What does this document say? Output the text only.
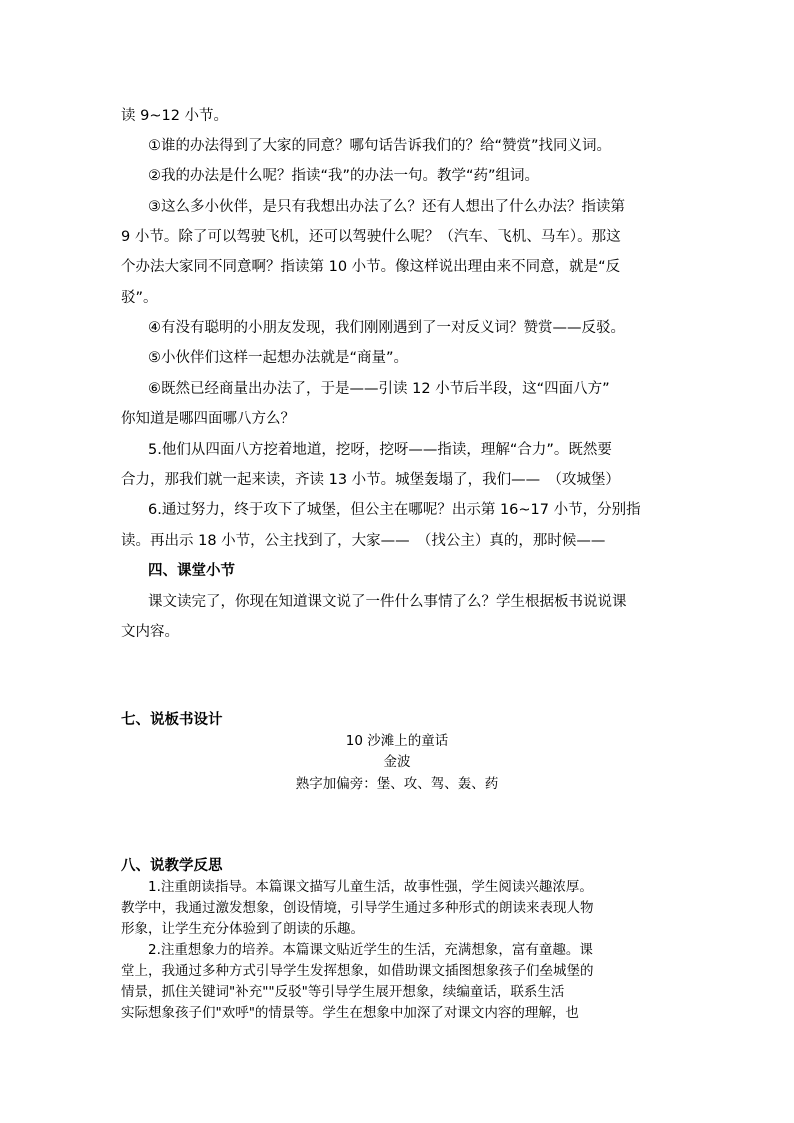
读 9~12 小节。
①谁的办法得到了大家的同意？哪句话告诉我们的？给“赞赏”找同义词。
②我的办法是什么呢？指读“我”的办法一句。教学“药”组词。
③这么多小伙伴，是只有我想出办法了么？还有人想出了什么办法？指读第
9 小节。除了可以驾驶飞机，还可以驾驶什么呢？（汽车、飞机、马车）。那这
个办法大家同不同意啊？指读第 10 小节。像这样说出理由来不同意，就是“反
驳”。
④有没有聪明的小朋友发现，我们刚刚遇到了一对反义词？赞赏——反驳。
⑤小伙伴们这样一起想办法就是“商量”。
⑥既然已经商量出办法了，于是——引读 12 小节后半段，这“四面八方”
你知道是哪四面哪八方么？
5.他们从四面八方挖着地道，挖呀，挖呀——指读，理解“合力”。既然要
合力，那我们就一起来读，齐读 13 小节。城堡轰塌了，我们——　（攻城堡）
6.通过努力，终于攻下了城堡，但公主在哪呢？出示第 16~17 小节，分别指
读。再出示 18 小节，公主找到了，大家——　（找公主）真的，那时候——
四、课堂小节
课文读完了，你现在知道课文说了一件什么事情了么？学生根据板书说说课
文内容。
七、说板书设计
10 沙滩上的童话
金波
熟字加偏旁：堡、攻、驾、轰、药
八、说教学反思
1.注重朗读指导。本篇课文描写儿童生活，故事性强，学生阅读兴趣浓厚。
教学中，我通过激发想象，创设情境，引导学生通过多种形式的朗读来表现人物
形象，让学生充分体验到了朗读的乐趣。
2.注重想象力的培养。本篇课文贴近学生的生活，充满想象，富有童趣。课
堂上，我通过多种方式引导学生发挥想象，如借助课文插图想象孩子们垒城堡的
情景，抓住关键词"补充""反驳"等引导学生展开想象，续编童话，联系生活
实际想象孩子们"欢呼"的情景等。学生在想象中加深了对课文内容的理解，也
